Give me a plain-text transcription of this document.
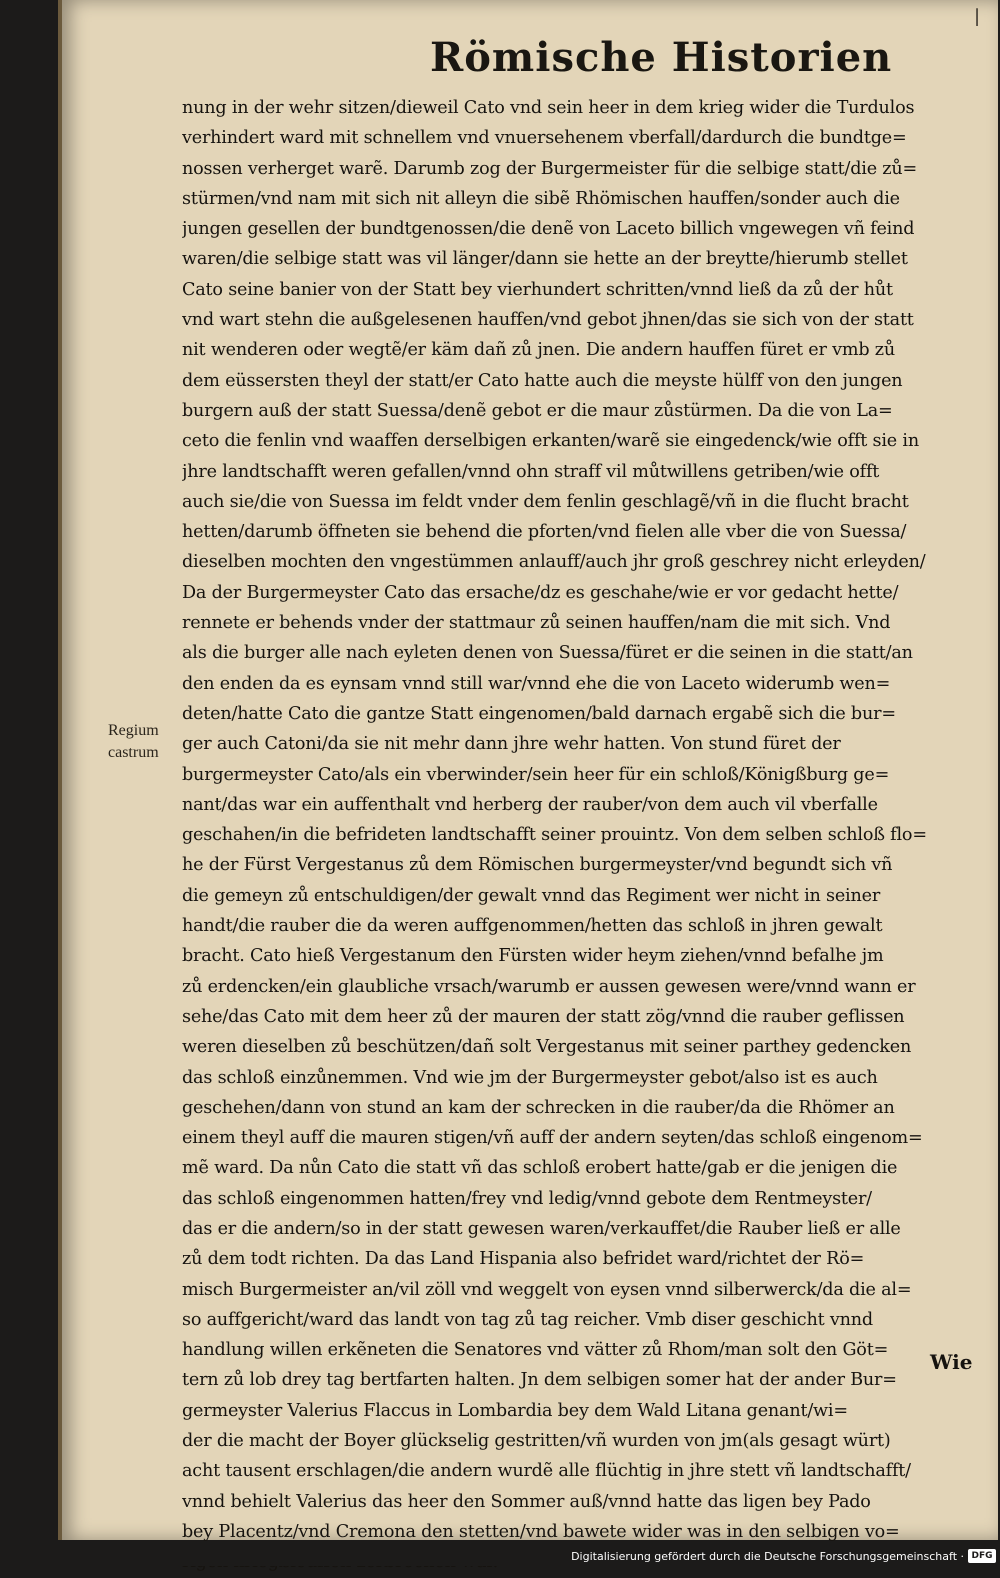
|
Römische Historien
Regium
castrum
nung in der wehr sitzen/dieweil Cato vnd sein heer in dem krieg wider die Turdulos
verhindert ward mit schnellem vnd vnuersehenem vberfall/dardurch die bundtge=
nossen verherget warẽ. Darumb zog der Burgermeister für die selbige statt/die zů=
stürmen/vnd nam mit sich nit alleyn die sibẽ Rhömischen hauffen/sonder auch die
jungen gesellen der bundtgenossen/die denẽ von Laceto billich vngewegen vñ feind
waren/die selbige statt was vil länger/dann sie hette an der breytte/hierumb stellet
Cato seine banier von der Statt bey vierhundert schritten/vnnd ließ da zů der hůt
vnd wart stehn die außgelesenen hauffen/vnd gebot jhnen/das sie sich von der statt
nit wenderen oder wegtẽ/er käm dañ zů jnen. Die andern hauffen füret er vmb zů
dem eüssersten theyl der statt/er Cato hatte auch die meyste hülff von den jungen
burgern auß der statt Suessa/denẽ gebot er die maur zůstürmen. Da die von La=
ceto die fenlin vnd waaffen derselbigen erkanten/warẽ sie eingedenck/wie offt sie in
jhre landtschafft weren gefallen/vnnd ohn straff vil můtwillens getriben/wie offt
auch sie/die von Suessa im feldt vnder dem fenlin geschlagẽ/vñ in die flucht bracht
hetten/darumb öffneten sie behend die pforten/vnd fielen alle vber die von Suessa/
dieselben mochten den vngestümmen anlauff/auch jhr groß geschrey nicht erleyden/
Da der Burgermeyster Cato das ersache/dz es geschahe/wie er vor gedacht hette/
rennete er behends vnder der stattmaur zů seinen hauffen/nam die mit sich. Vnd
als die burger alle nach eyleten denen von Suessa/füret er die seinen in die statt/an
den enden da es eynsam vnnd still war/vnnd ehe die von Laceto widerumb wen=
deten/hatte Cato die gantze Statt eingenomen/bald darnach ergabẽ sich die bur=
ger auch Catoni/da sie nit mehr dann jhre wehr hatten. Von stund füret der
burgermeyster Cato/als ein vberwinder/sein heer für ein schloß/Königßburg ge=
nant/das war ein auffenthalt vnd herberg der rauber/von dem auch vil vberfalle
geschahen/in die befrideten landtschafft seiner prouintz. Von dem selben schloß flo=
he der Fürst Vergestanus zů dem Römischen burgermeyster/vnd begundt sich vñ
die gemeyn zů entschuldigen/der gewalt vnnd das Regiment wer nicht in seiner
handt/die rauber die da weren auffgenommen/hetten das schloß in jhren gewalt
bracht. Cato hieß Vergestanum den Fürsten wider heym ziehen/vnnd befalhe jm
zů erdencken/ein glaubliche vrsach/warumb er aussen gewesen were/vnnd wann er
sehe/das Cato mit dem heer zů der mauren der statt zög/vnnd die rauber geflissen
weren dieselben zů beschützen/dañ solt Vergestanus mit seiner parthey gedencken
das schloß einzůnemmen. Vnd wie jm der Burgermeyster gebot/also ist es auch
geschehen/dann von stund an kam der schrecken in die rauber/da die Rhömer an
einem theyl auff die mauren stigen/vñ auff der andern seyten/das schloß eingenom=
mẽ ward. Da nůn Cato die statt vñ das schloß erobert hatte/gab er die jenigen die
das schloß eingenommen hatten/frey vnd ledig/vnnd gebote dem Rentmeyster/
das er die andern/so in der statt gewesen waren/verkauffet/die Rauber ließ er alle
zů dem todt richten. Da das Land Hispania also befridet ward/richtet der Rö=
misch Burgermeister an/vil zöll vnd weggelt von eysen vnnd silberwerck/da die al=
so auffgericht/ward das landt von tag zů tag reicher. Vmb diser geschicht vnnd
handlung willen erkẽneten die Senatores vnd vätter zů Rhom/man solt den Göt=
tern zů lob drey tag bertfarten halten. Jn dem selbigen somer hat der ander Bur=
germeyster Valerius Flaccus in Lombardia bey dem Wald Litana genant/wi=
der die macht der Boyer glückselig gestritten/vñ wurden von jm(als gesagt würt)
acht tausent erschlagen/die andern wurdẽ alle flüchtig in jhre stett vñ landtschafft/
vnnd behielt Valerius das heer den Sommer auß/vnnd hatte das ligen bey Pado
bey Placentz/vnd Cremona den stetten/vnd bawete wider was in den selbigen vo=
Wie
Digitalisierung gefördert durch die Deutsche Forschungsgemeinschaft · DFG
